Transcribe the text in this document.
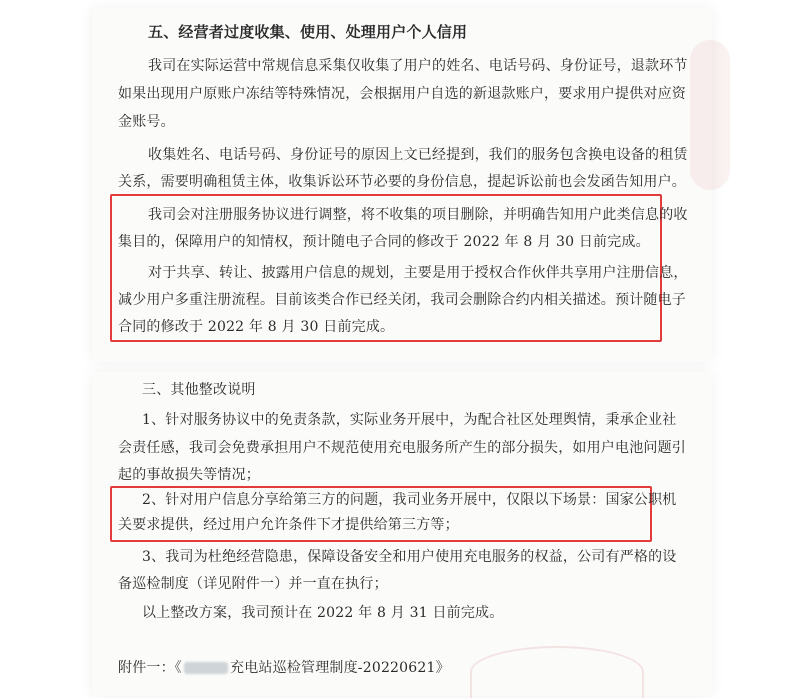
五、经营者过度收集、使用、处理用户个人信用
我司在实际运营中常规信息采集仅收集了用户的姓名、电话号码、身份证号，退款环节
如果出现用户原账户冻结等特殊情况，会根据用户自选的新退款账户，要求用户提供对应资
金账号。
收集姓名、电话号码、身份证号的原因上文已经提到，我们的服务包含换电设备的租赁
关系，需要明确租赁主体，收集诉讼环节必要的身份信息，提起诉讼前也会发函告知用户。
我司会对注册服务协议进行调整，将不收集的项目删除，并明确告知用户此类信息的收
集目的，保障用户的知情权，预计随电子合同的修改于 2022 年 8 月 30 日前完成。
对于共享、转让、披露用户信息的规划，主要是用于授权合作伙伴共享用户注册信息，
减少用户多重注册流程。目前该类合作已经关闭，我司会删除合约内相关描述。预计随电子
合同的修改于 2022 年 8 月 30 日前完成。
三、其他整改说明
1、针对服务协议中的免责条款，实际业务开展中，为配合社区处理舆情，秉承企业社
会责任感，我司会免费承担用户不规范使用充电服务所产生的部分损失，如用户电池问题引
起的事故损失等情况；
2、针对用户信息分享给第三方的问题，我司业务开展中，仅限以下场景：国家公职机
关要求提供，经过用户允许条件下才提供给第三方等；
3、我司为杜绝经营隐患，保障设备安全和用户使用充电服务的权益，公司有严格的设
备巡检制度（详见附件一）并一直在执行；
以上整改方案，我司预计在 2022 年 8 月 31 日前完成。
附件一：《	充电站巡检管理制度-20220621》
